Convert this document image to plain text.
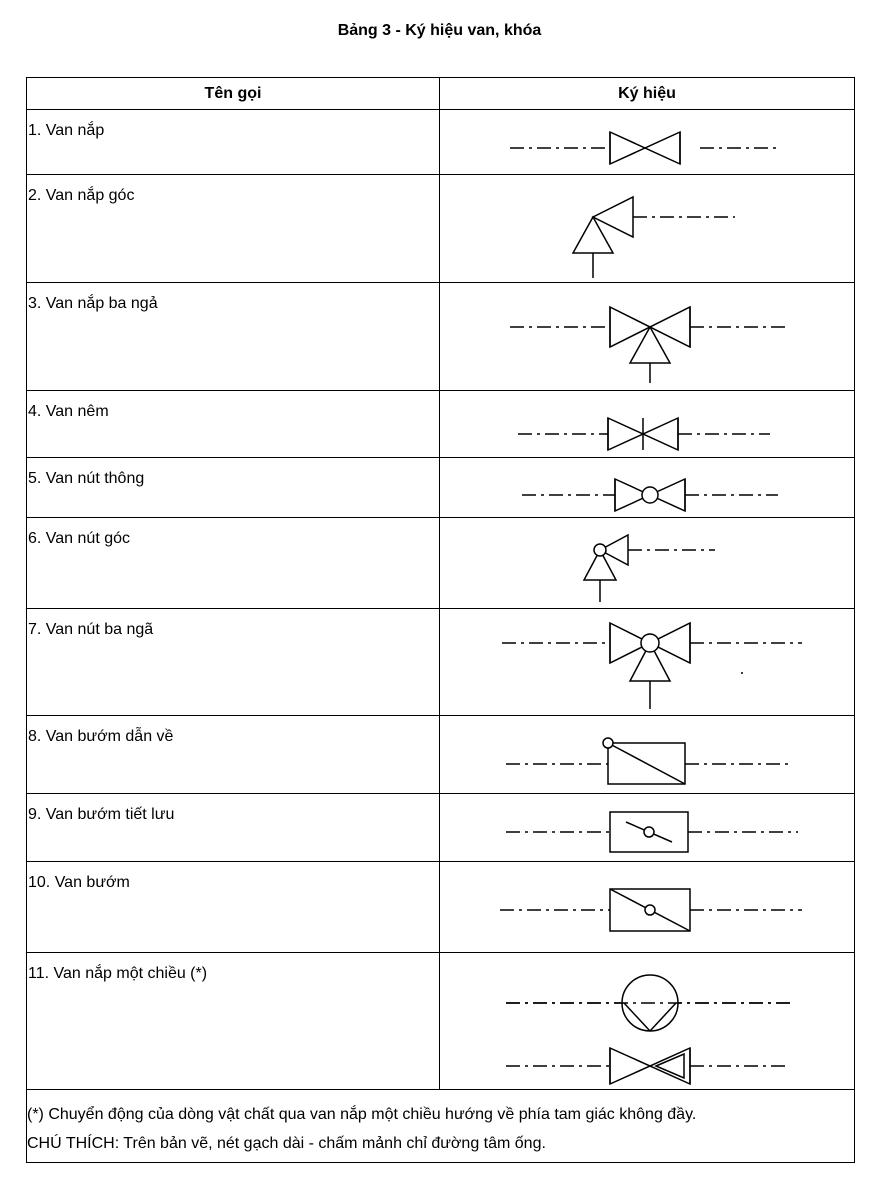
Bảng 3 - Ký hiệu van, khóa
Tên gọi	Ký hiệu
1. Van nắp	

2. Van nắp góc	

3. Van nắp ba ngả	

4. Van nêm	

5. Van nút thông	

6. Van nút góc	

7. Van nút ba ngã	

8. Van bướm dẫn về	

9. Van bướm tiết lưu	

10. Van bướm	

11. Van nắp một chiều (*)	

(*) Chuyển động của dòng vật chất qua van nắp một chiều hướng về phía tam giác không đầy.
CHÚ THÍCH: Trên bản vẽ, nét gạch dài - chấm mảnh chỉ đường tâm ống.	
